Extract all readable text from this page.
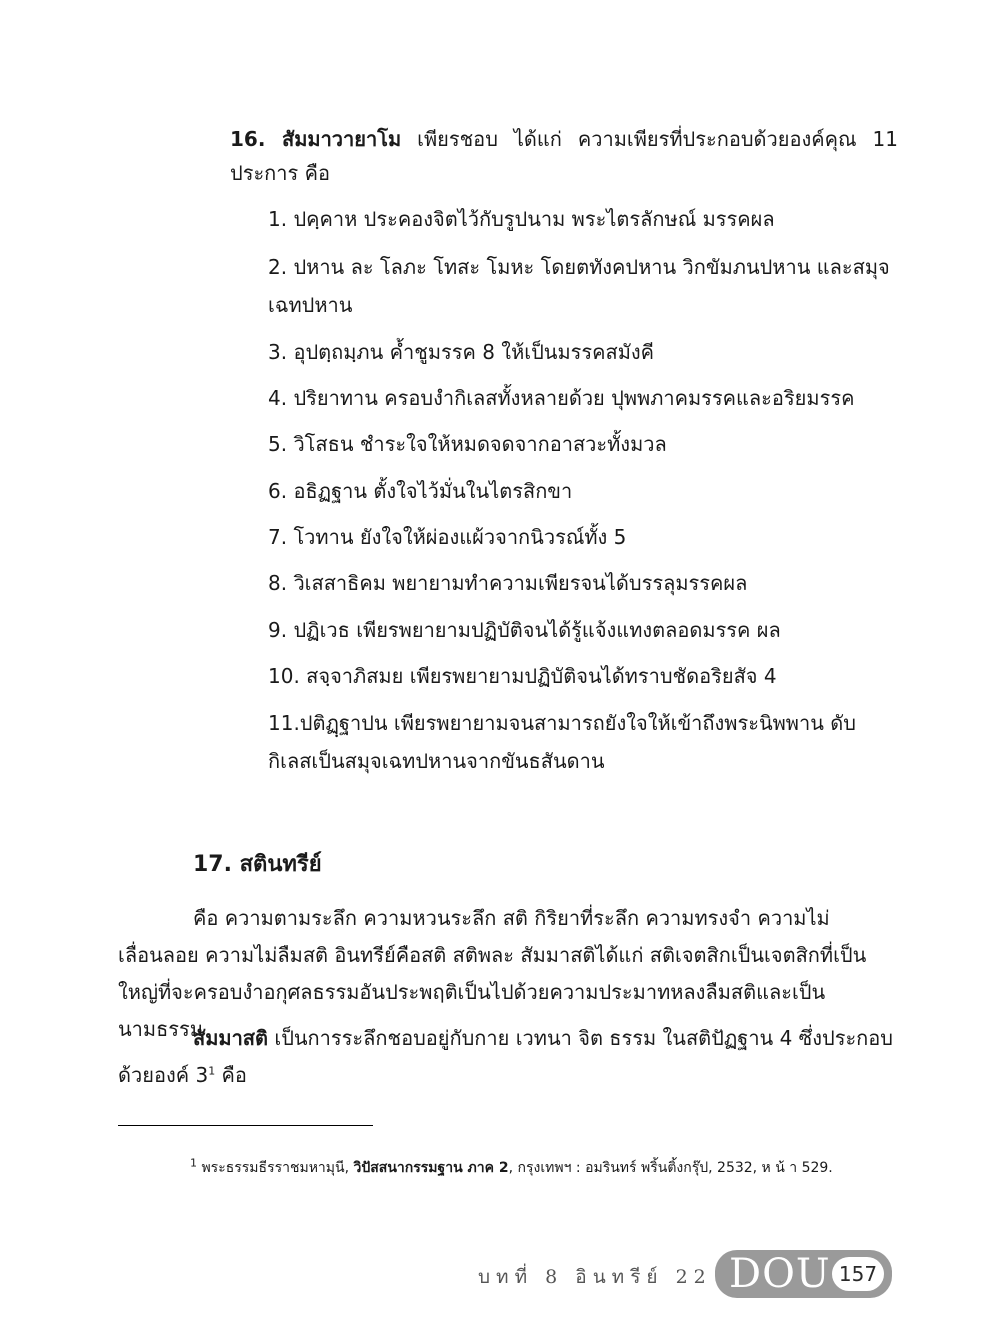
16. สัมมาวายาโม เพียรชอบ ได้แก่ ความเพียรที่ประกอบด้วยองค์คุณ 11 ประการ คือ

1. ปคฺคาห ประคองจิตไว้กับรูปนาม พระไตรลักษณ์ มรรคผล

2. ปหาน ละ โลภะ โทสะ โมหะ โดยตทังคปหาน วิกขัมภนปหาน และสมุจเฉทปหาน

3. อุปตฺถมฺภน ค้ำชูมรรค 8 ให้เป็นมรรคสมังคี

4. ปริยาทาน ครอบงำกิเลสทั้งหลายด้วย ปุพพภาคมรรคและอริยมรรค

5. วิโสธน ชำระใจให้หมดจดจากอาสวะทั้งมวล

6. อธิฏฐาน ตั้งใจไว้มั่นในไตรสิกขา

7. โวทาน ยังใจให้ผ่องแผ้วจากนิวรณ์ทั้ง 5

8. วิเสสาธิคม พยายามทำความเพียรจนได้บรรลุมรรคผล

9. ปฏิเวธ เพียรพยายามปฏิบัติจนได้รู้แจ้งแทงตลอดมรรค ผล

10. สจฺจาภิสมย เพียรพยายามปฏิบัติจนได้ทราบชัดอริยสัจ 4

11.ปติฏฺฐาปน เพียรพยายามจนสามารถยังใจให้เข้าถึงพระนิพพาน ดับกิเลสเป็นสมุจเฉทปหานจากขันธสันดาน

17. สตินทรีย์

คือ ความตามระลึก ความหวนระลึก สติ กิริยาที่ระลึก ความทรงจำ ความไม่เลื่อนลอย ความไม่ลืมสติ อินทรีย์คือสติ สติพละ สัมมาสติได้แก่ สติเจตสิกเป็นเจตสิกที่เป็นใหญ่ที่จะครอบงำอกุศลธรรมอันประพฤติเป็นไปด้วยความประมาทหลงลืมสติและเป็นนามธรรม

สัมมาสติ เป็นการระลึกชอบอยู่กับกาย เวทนา จิต ธรรม ในสติปัฏฐาน 4 ซึ่งประกอบด้วยองค์ $3^1$ คือ

$^1$ พระธรรมธีรราชมหามุนี, วิปัสสนากรรมฐาน ภาค 2, กรุงเทพฯ : อมรินทร์ พริ้นติ้งกรุ๊ป, 2532, ห น้ า 529.

บทที่ 8 อินทรีย์ 22 DOU 157
